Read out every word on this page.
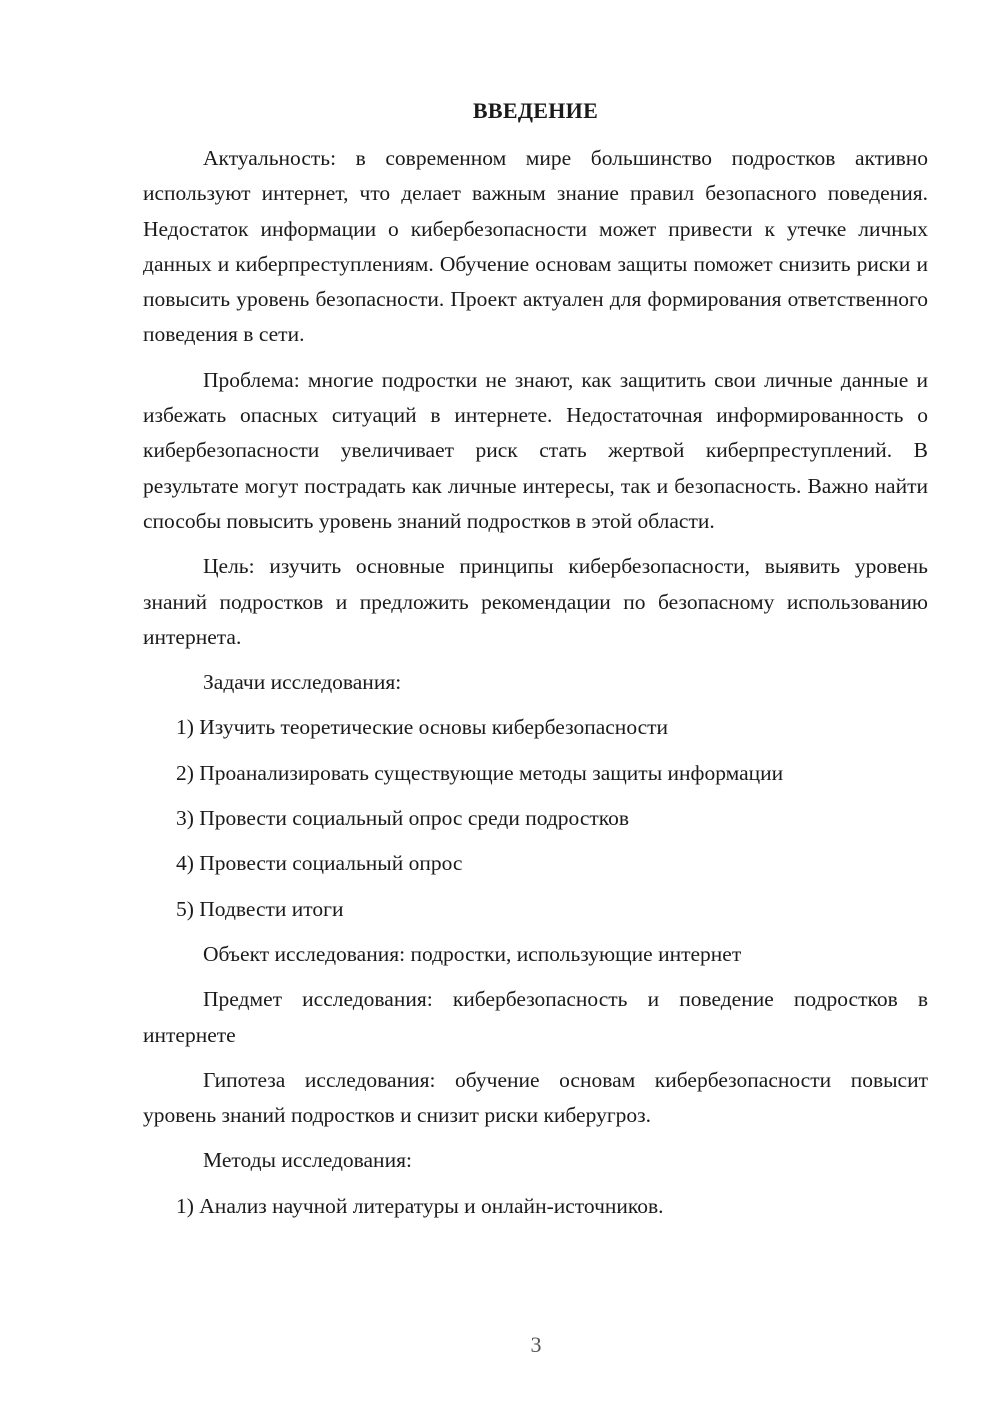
ВВЕДЕНИЕ

Актуальность: в современном мире большинство подростков активно используют интернет, что делает важным знание правил безопасного поведения. Недостаток информации о кибербезопасности может привести к утечке личных данных и киберпреступлениям. Обучение основам защиты поможет снизить риски и повысить уровень безопасности. Проект актуален для формирования ответственного поведения в сети.

Проблема: многие подростки не знают, как защитить свои личные данные и избежать опасных ситуаций в интернете. Недостаточная информированность о кибербезопасности увеличивает риск стать жертвой киберпреступлений. В результате могут пострадать как личные интересы, так и безопасность. Важно найти способы повысить уровень знаний подростков в этой области.

Цель: изучить основные принципы кибербезопасности, выявить уровень знаний подростков и предложить рекомендации по безопасному использованию интернета.

Задачи исследования:

1) Изучить теоретические основы кибербезопасности

2) Проанализировать существующие методы защиты информации

3) Провести социальный опрос среди подростков

4) Провести социальный опрос

5) Подвести итоги

Объект исследования: подростки, использующие интернет

Предмет исследования: кибербезопасность и поведение подростков в интернете

Гипотеза исследования: обучение основам кибербезопасности повысит уровень знаний подростков и снизит риски киберугроз.

Методы исследования:

1) Анализ научной литературы и онлайн-источников.

3
